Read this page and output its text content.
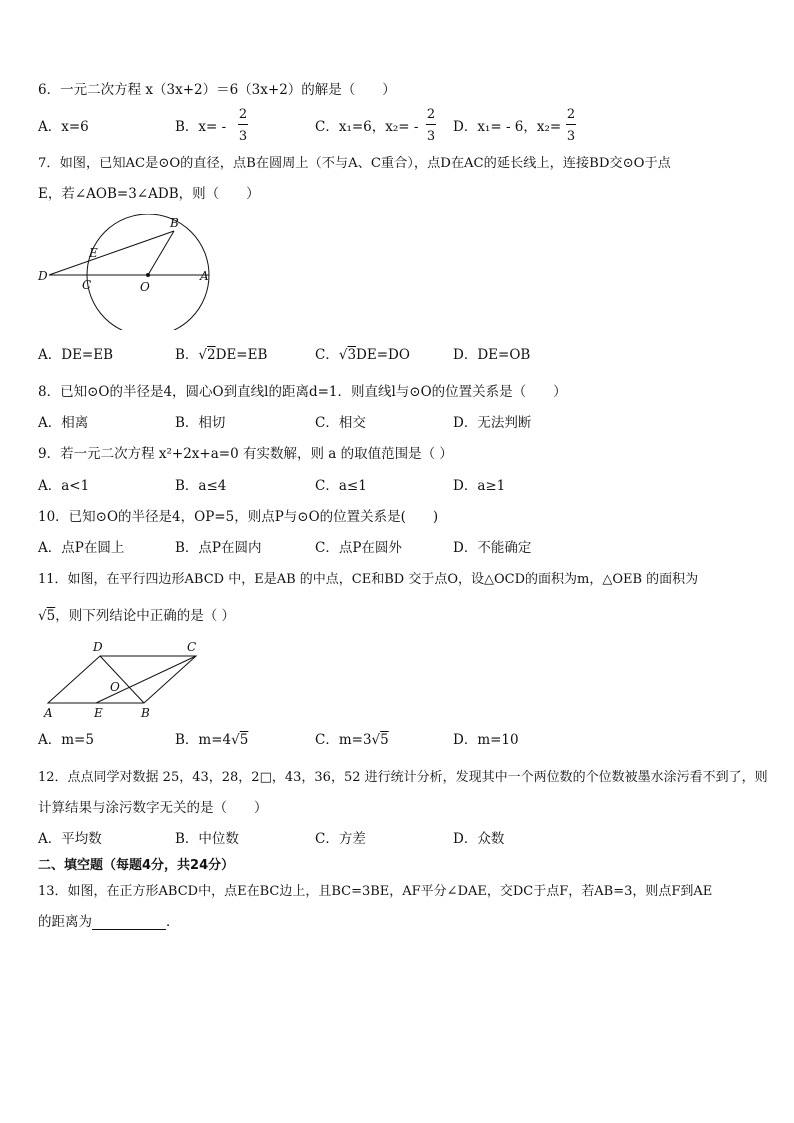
6．一元二次方程 x（3x+2）＝6（3x+2）的解是（　　）
A．x=6	B．x= -
2
3
C．x₁=6，x₂= -
2
3
D．x₁= - 6，x₂=
2
3
7．如图，已知AC是⊙O的直径，点B在圆周上（不与A、C重合），点D在AC的延长线上，连接BD交⊙O于点
E，若∠AOB=3∠ADB，则（　　）
B
E
D
C	O
A
A．DE=EB	B．√2DE=EB	C．√3DE=DO	D．DE=OB
8．已知⊙O的半径是4，圆心O到直线l的距离d=1．则直线l与⊙O的位置关系是（　　）
A．相离	B．相切	C．相交	D．无法判断
9．若一元二次方程 x²+2x+a=0 有实数解，则 a 的取值范围是（ ）
A．a<1	B．a≤4	C．a≤1	D．a≥1
10．已知⊙O的半径是4，OP=5，则点P与⊙O的位置关系是(　　)
A．点P在圆上	B．点P在圆内	C．点P在圆外	D．不能确定
11．如图，在平行四边形ABCD 中，E是AB 的中点，CE和BD 交于点O，设△OCD的面积为m，△OEB 的面积为
√5，则下列结论中正确的是（ ）
D	C
O
A	E	B
A．m=5	B．m=4√5	C．m=3√5	D．m=10
12．点点同学对数据 25，43，28，2□，43，36，52 进行统计分析，发现其中一个两位数的个位数被墨水涂污看不到了，则
计算结果与涂污数字无关的是（　　）
A．平均数	B．中位数	C．方差	D．众数
二、填空题（每题4分，共24分）
13．如图，在正方形ABCD中，点E在BC边上，且BC=3BE，AF平分∠DAE，交DC于点F，若AB=3，则点F到AE
的距离为	．
